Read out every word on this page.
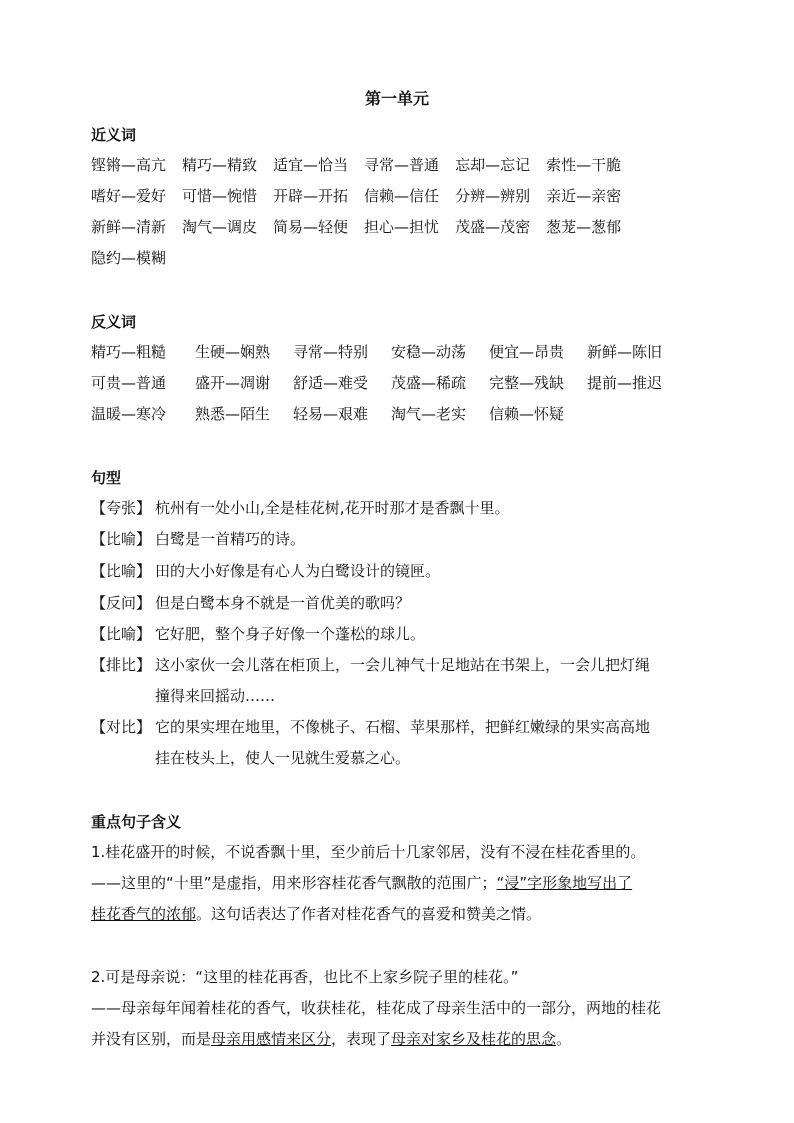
第一单元
近义词
铿锵—高亢 精巧—精致 适宜—恰当 寻常—普通 忘却—忘记 索性—干脆
嗜好—爱好 可惜—惋惜 开辟—开拓 信赖—信任 分辨—辨别 亲近—亲密
新鲜—清新 淘气—调皮 简易—轻便 担心—担忧 茂盛—茂密 葱茏—葱郁
隐约—模糊
反义词
精巧—粗糙 生硬—娴熟 寻常—特别 安稳—动荡 便宜—昂贵 新鲜—陈旧
可贵—普通 盛开—凋谢 舒适—难受 茂盛—稀疏 完整—残缺 提前—推迟
温暖—寒冷 熟悉—陌生 轻易—艰难 淘气—老实 信赖—怀疑
句型
【夸张】 杭州有一处小山,全是桂花树,花开时那才是香飘十里。
【比喻】 白鹭是一首精巧的诗。
【比喻】 田的大小好像是有心人为白鹭设计的镜匣。
【反问】 但是白鹭本身不就是一首优美的歌吗？
【比喻】 它好肥，整个身子好像一个蓬松的球儿。
【排比】 这小家伙一会儿落在柜顶上，一会儿神气十足地站在书架上，一会儿把灯绳
撞得来回摇动……
【对比】 它的果实埋在地里，不像桃子、石榴、苹果那样，把鲜红嫩绿的果实高高地
挂在枝头上，使人一见就生爱慕之心。
重点句子含义
1.桂花盛开的时候，不说香飘十里，至少前后十几家邻居，没有不浸在桂花香里的。
——这里的“十里”是虚指，用来形容桂花香气飘散的范围广；“浸”字形象地写出了
桂花香气的浓郁。这句话表达了作者对桂花香气的喜爱和赞美之情。
2.可是母亲说：“这里的桂花再香，也比不上家乡院子里的桂花。”
——母亲每年闻着桂花的香气，收获桂花，桂花成了母亲生活中的一部分，两地的桂花
并没有区别，而是母亲用感情来区分，表现了母亲对家乡及桂花的思念。
